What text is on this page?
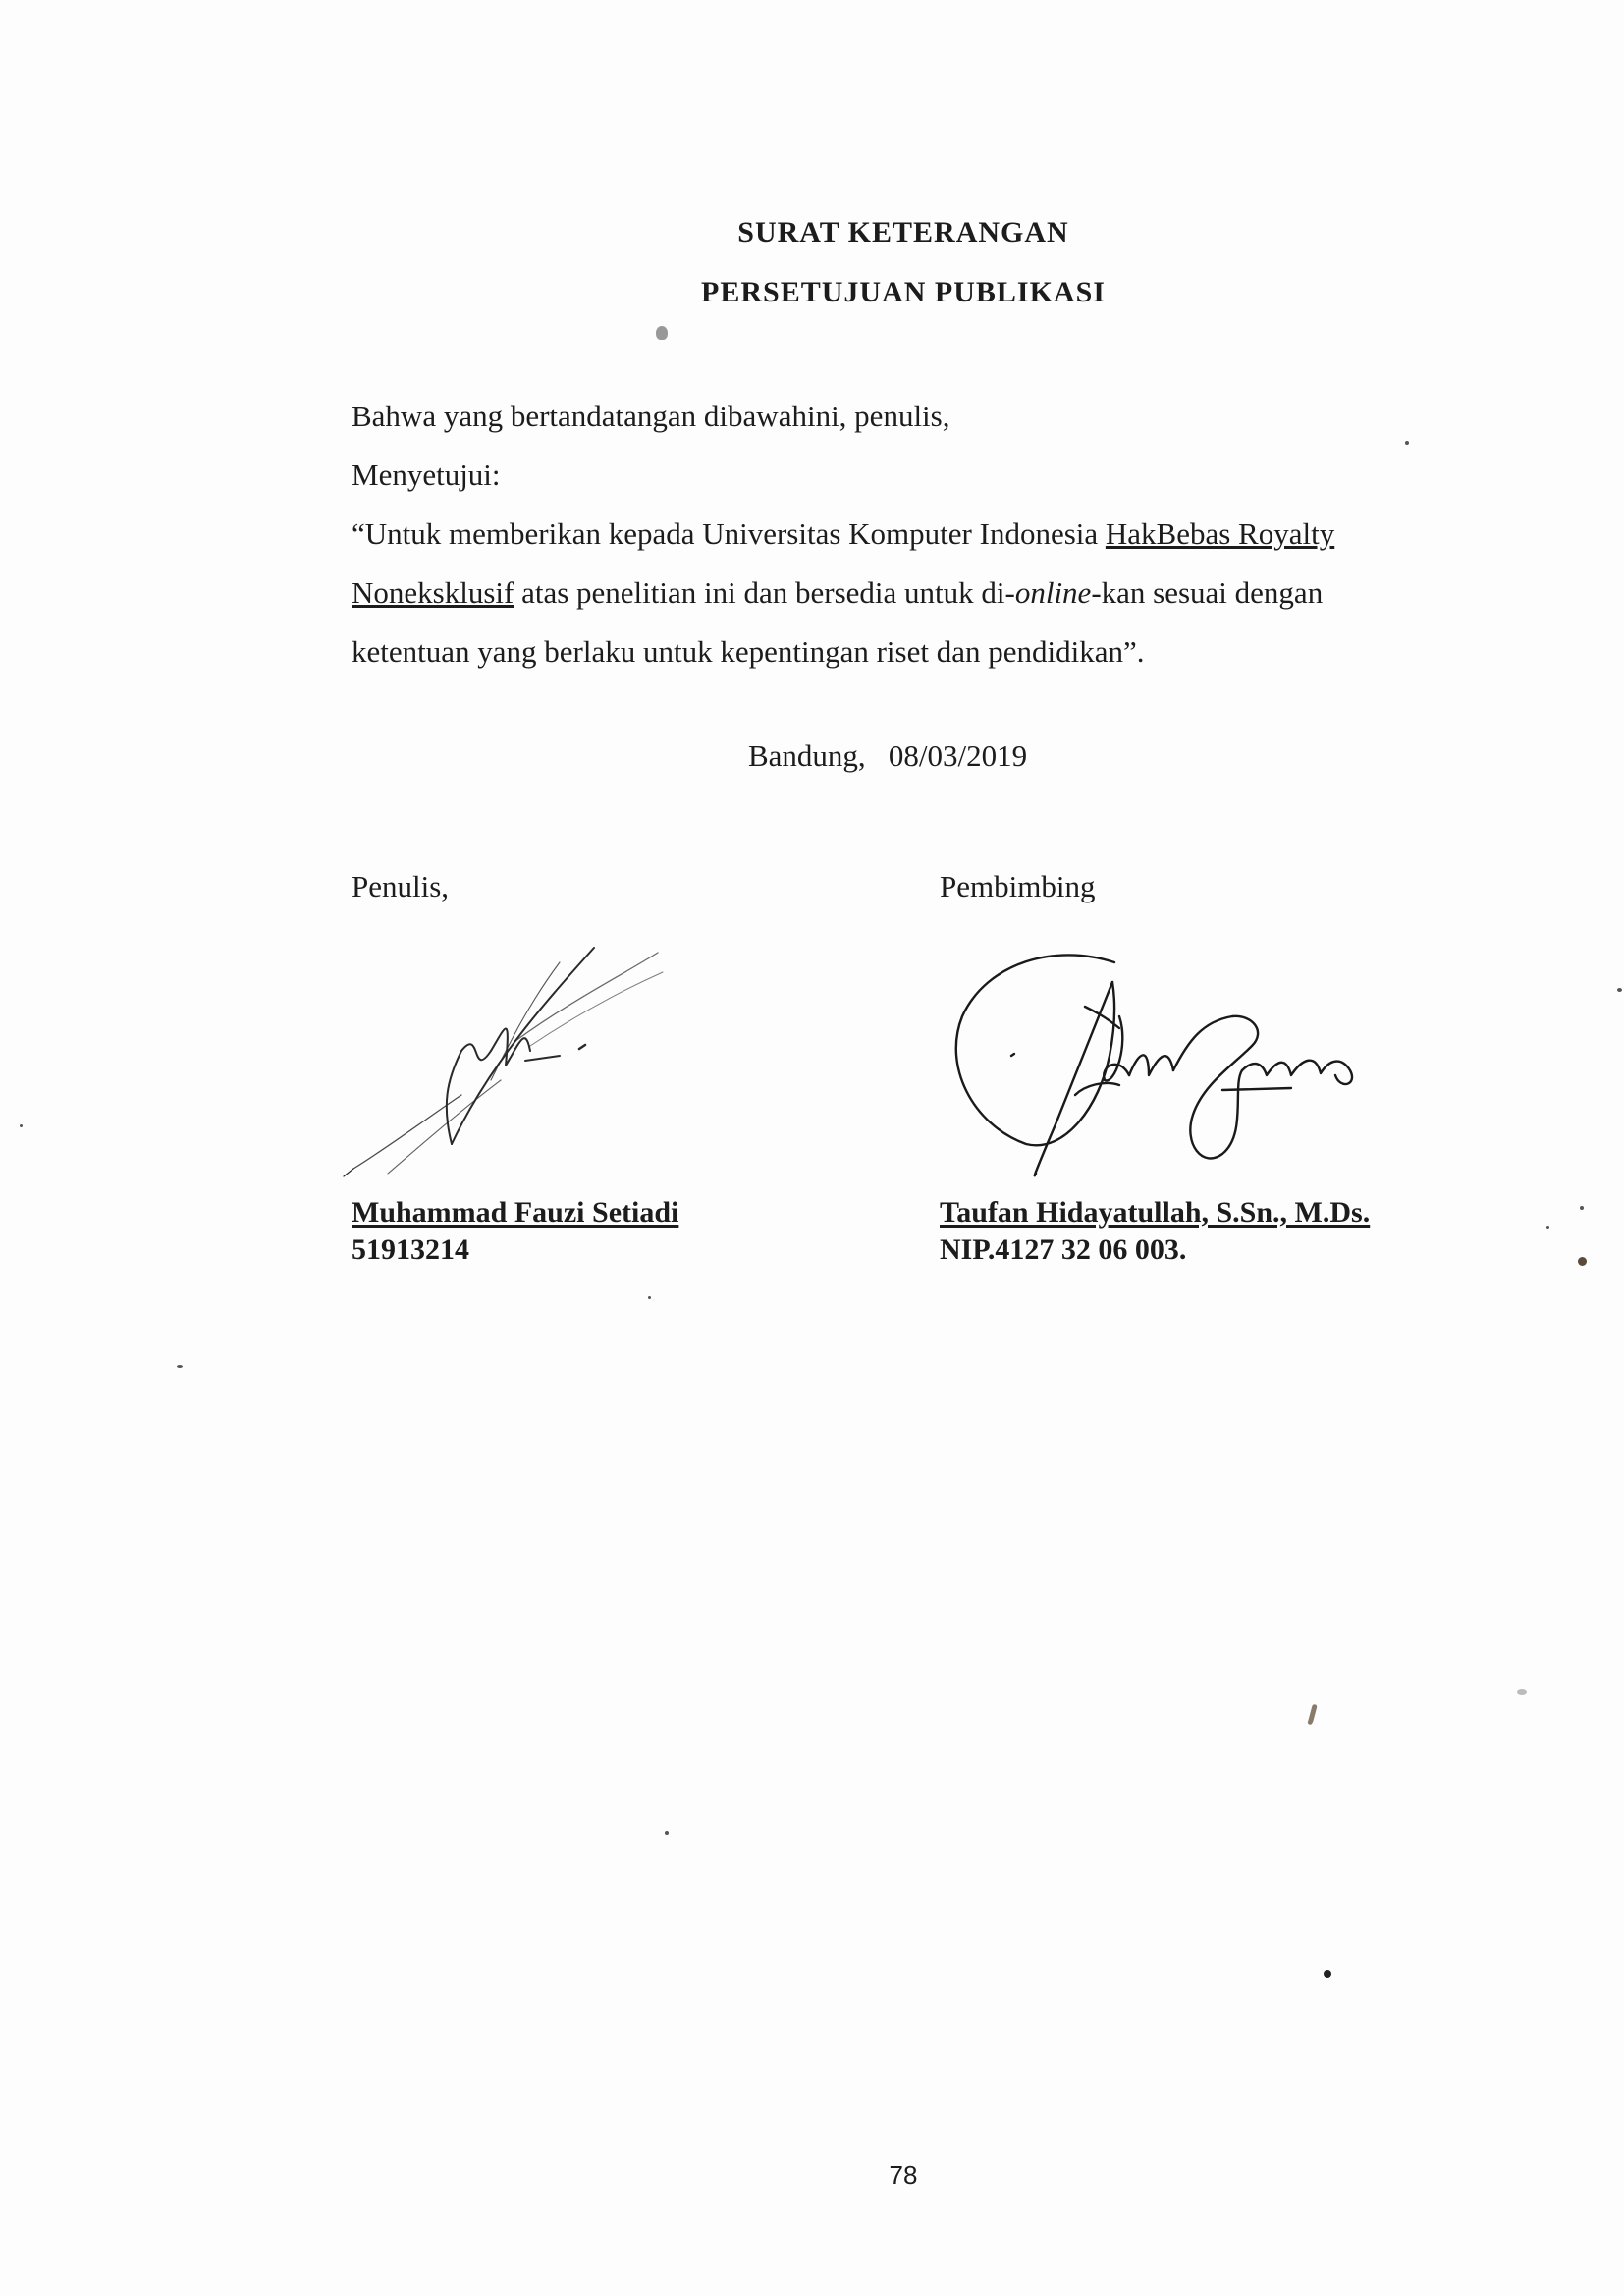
SURAT KETERANGAN
PERSETUJUAN PUBLIKASI

Bahwa yang bertandatangan dibawahini, penulis,

Menyetujui:

“Untuk memberikan kepada Universitas Komputer Indonesia HakBebas Royalty

Noneksklusif atas penelitian ini dan bersedia untuk di-online-kan sesuai dengan

ketentuan yang berlaku untuk kepentingan riset dan pendidikan”.

Bandung,   08/03/2019
Penulis,	Pembimbing
Muhammad Fauzi Setiadi
51913214
Taufan Hidayatullah, S.Sn., M.Ds.
NIP.4127 32 06 003.
78
